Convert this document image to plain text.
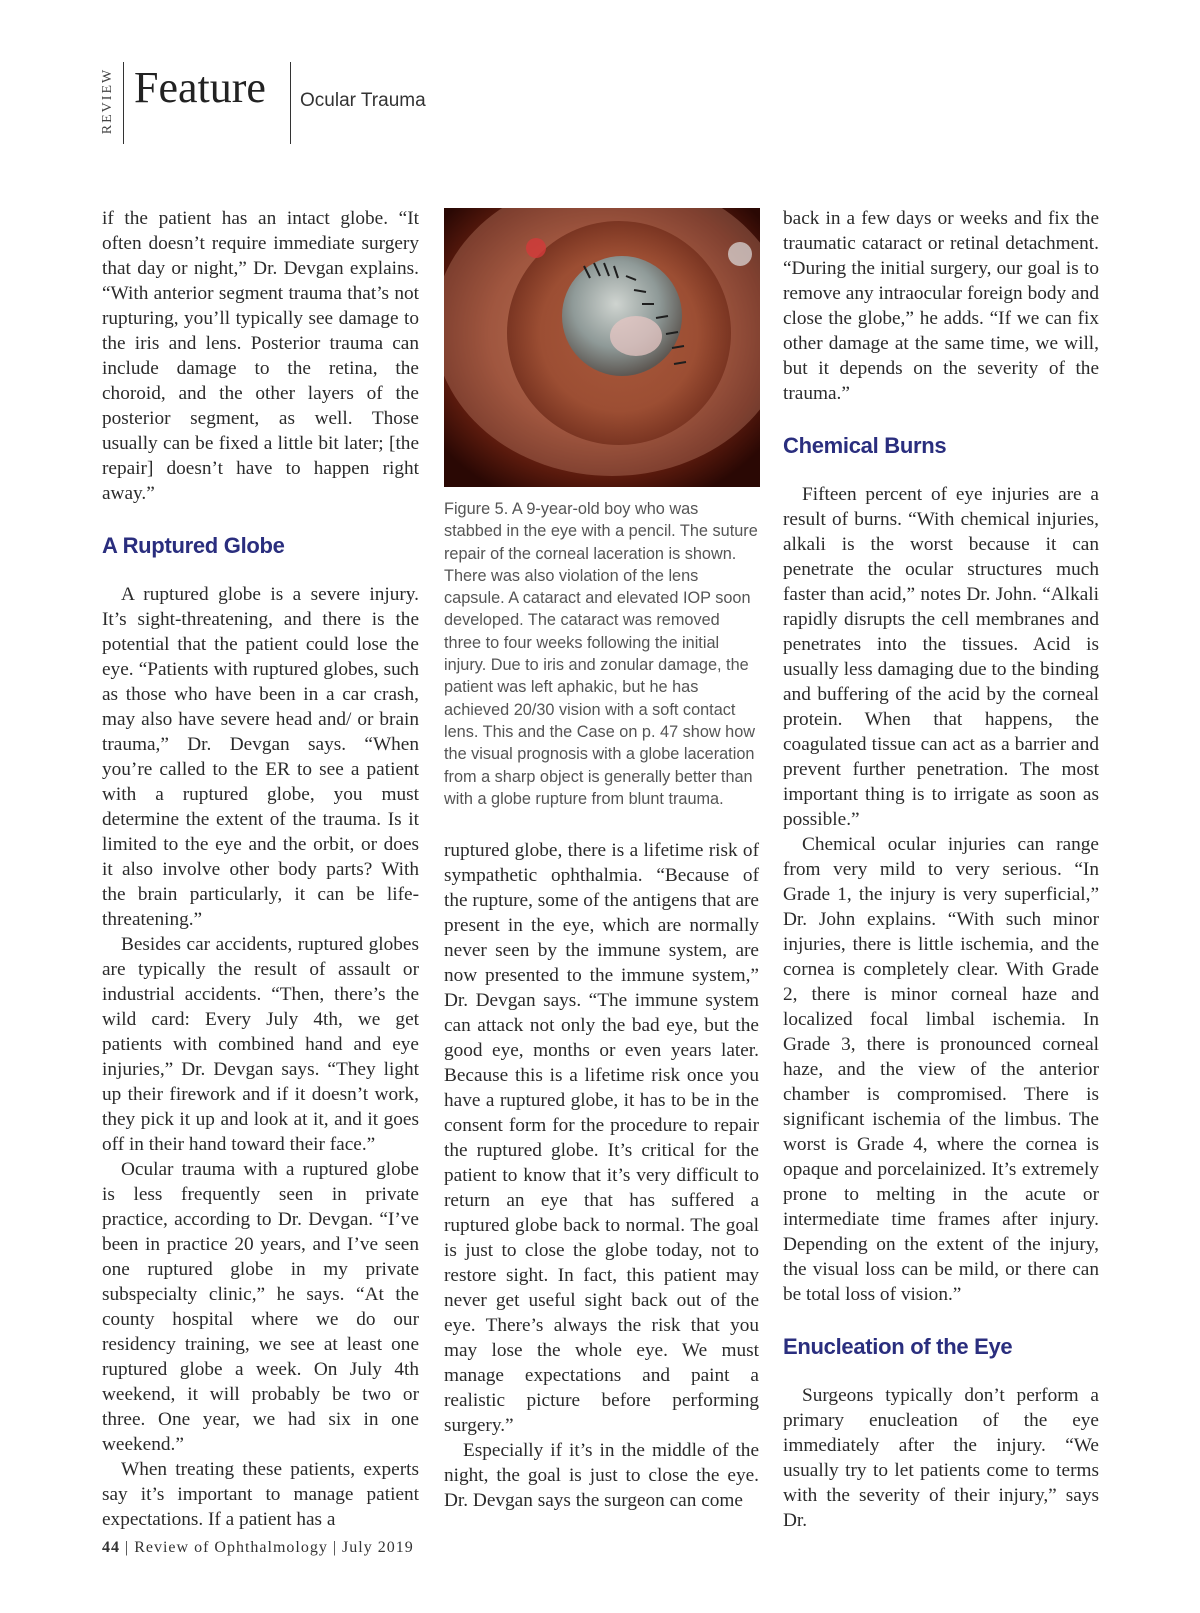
REVIEW Feature Ocular Trauma

if the patient has an intact globe. “It often doesn’t require immediate surgery that day or night,” Dr. Devgan explains. “With anterior segment trauma that’s not rupturing, you’ll typically see damage to the iris and lens. Posterior trauma can include damage to the retina, the choroid, and the other layers of the posterior segment, as well. Those usually can be fixed a little bit later; [the repair] doesn’t have to happen right away.”

A Ruptured Globe

A ruptured globe is a severe injury. It’s sight-threatening, and there is the potential that the patient could lose the eye. “Patients with ruptured globes, such as those who have been in a car crash, may also have severe head and/ or brain trauma,” Dr. Devgan says. “When you’re called to the ER to see a patient with a ruptured globe, you must determine the extent of the trauma. Is it limited to the eye and the orbit, or does it also involve other body parts? With the brain particularly, it can be life-threatening.”

Besides car accidents, ruptured globes are typically the result of assault or industrial accidents. “Then, there’s the wild card: Every July 4th, we get patients with combined hand and eye injuries,” Dr. Devgan says. “They light up their firework and if it doesn’t work, they pick it up and look at it, and it goes off in their hand toward their face.”

Ocular trauma with a ruptured globe is less frequently seen in private practice, according to Dr. Devgan. “I’ve been in practice 20 years, and I’ve seen one ruptured globe in my private subspecialty clinic,” he says. “At the county hospital where we do our residency training, we see at least one ruptured globe a week. On July 4th weekend, it will probably be two or three. One year, we had six in one weekend.”

When treating these patients, experts say it’s important to manage patient expectations. If a patient has a

Figure 5. A 9-year-old boy who was stabbed in the eye with a pencil. The suture repair of the corneal laceration is shown. There was also violation of the lens capsule. A cataract and elevated IOP soon developed. The cataract was removed three to four weeks following the initial injury. Due to iris and zonular damage, the patient was left aphakic, but he has achieved 20/30 vision with a soft contact lens. This and the Case on p. 47 show how the visual prognosis with a globe laceration from a sharp object is generally better than with a globe rupture from blunt trauma.

ruptured globe, there is a lifetime risk of sympathetic ophthalmia. “Because of the rupture, some of the antigens that are present in the eye, which are normally never seen by the immune system, are now presented to the immune system,” Dr. Devgan says. “The immune system can attack not only the bad eye, but the good eye, months or even years later. Because this is a lifetime risk once you have a ruptured globe, it has to be in the consent form for the procedure to repair the ruptured globe. It’s critical for the patient to know that it’s very difficult to return an eye that has suffered a ruptured globe back to normal. The goal is just to close the globe today, not to restore sight. In fact, this patient may never get useful sight back out of the eye. There’s always the risk that you may lose the whole eye. We must manage expectations and paint a realistic picture before performing surgery.”

Especially if it’s in the middle of the night, the goal is just to close the eye. Dr. Devgan says the surgeon can come

back in a few days or weeks and fix the traumatic cataract or retinal detachment. “During the initial surgery, our goal is to remove any intraocular foreign body and close the globe,” he adds. “If we can fix other damage at the same time, we will, but it depends on the severity of the trauma.”

Chemical Burns

Fifteen percent of eye injuries are a result of burns. “With chemical injuries, alkali is the worst because it can penetrate the ocular structures much faster than acid,” notes Dr. John. “Alkali rapidly disrupts the cell membranes and penetrates into the tissues. Acid is usually less damaging due to the binding and buffering of the acid by the corneal protein. When that happens, the coagulated tissue can act as a barrier and prevent further penetration. The most important thing is to irrigate as soon as possible.”

Chemical ocular injuries can range from very mild to very serious. “In Grade 1, the injury is very superficial,” Dr. John explains. “With such minor injuries, there is little ischemia, and the cornea is completely clear. With Grade 2, there is minor corneal haze and localized focal limbal ischemia. In Grade 3, there is pronounced corneal haze, and the view of the anterior chamber is compromised. There is significant ischemia of the limbus. The worst is Grade 4, where the cornea is opaque and porcelainized. It’s extremely prone to melting in the acute or intermediate time frames after injury. Depending on the extent of the injury, the visual loss can be mild, or there can be total loss of vision.”

Enucleation of the Eye

Surgeons typically don’t perform a primary enucleation of the eye immediately after the injury. “We usually try to let patients come to terms with the severity of their injury,” says Dr.

44 | Review of Ophthalmology | July 2019
